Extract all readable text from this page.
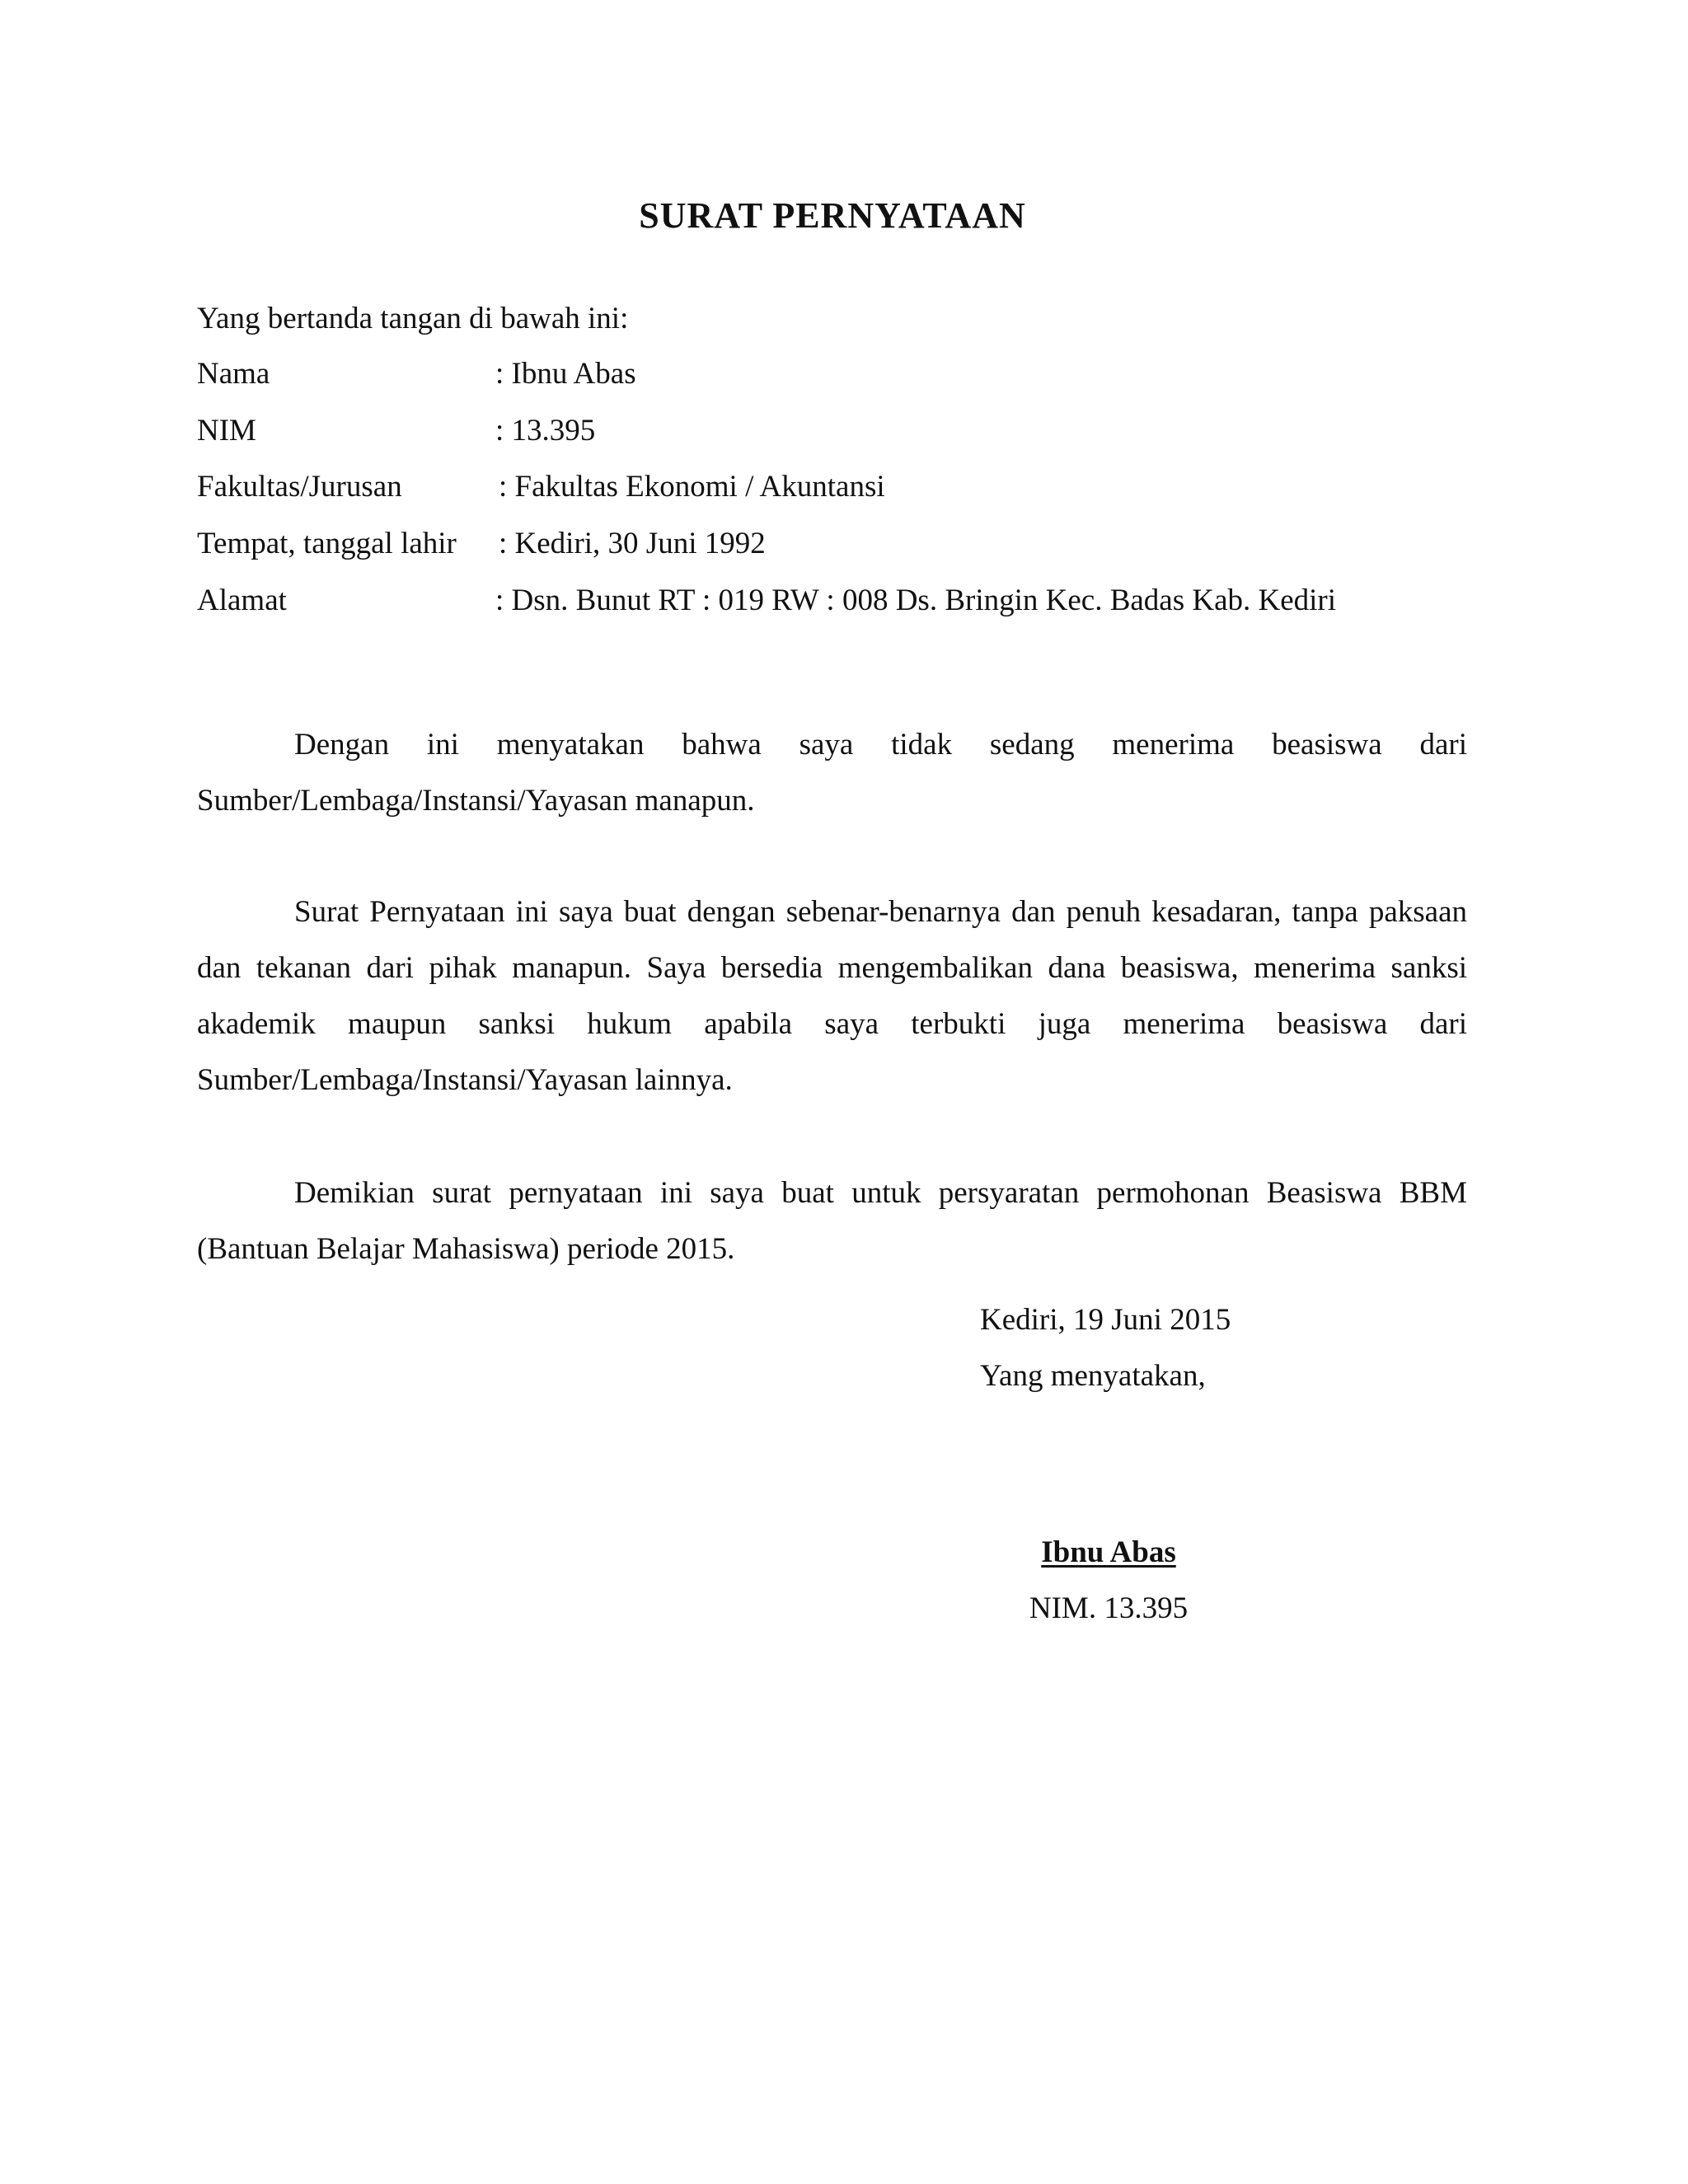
SURAT PERNYATAAN
Yang bertanda tangan di bawah ini:
Nama	: Ibnu Abas
NIM	: 13.395
Fakultas/Jurusan	: Fakultas Ekonomi / Akuntansi
Tempat, tanggal lahir : Kediri, 30 Juni 1992
Alamat	: Dsn. Bunut RT : 019 RW : 008 Ds. Bringin Kec. Badas Kab. Kediri

Dengan ini menyatakan bahwa saya tidak sedang menerima beasiswa dari Sumber/Lembaga/Instansi/Yayasan manapun.

Surat Pernyataan ini saya buat dengan sebenar-benarnya dan penuh kesadaran, tanpa paksaan dan tekanan dari pihak manapun. Saya bersedia mengembalikan dana beasiswa, menerima sanksi akademik maupun sanksi hukum apabila saya terbukti juga menerima beasiswa dari Sumber/Lembaga/Instansi/Yayasan lainnya.

Demikian surat pernyataan ini saya buat untuk persyaratan permohonan Beasiswa BBM (Bantuan Belajar Mahasiswa) periode 2015.

Kediri, 19 Juni 2015
Yang menyatakan,
Ibnu Abas
NIM. 13.395
